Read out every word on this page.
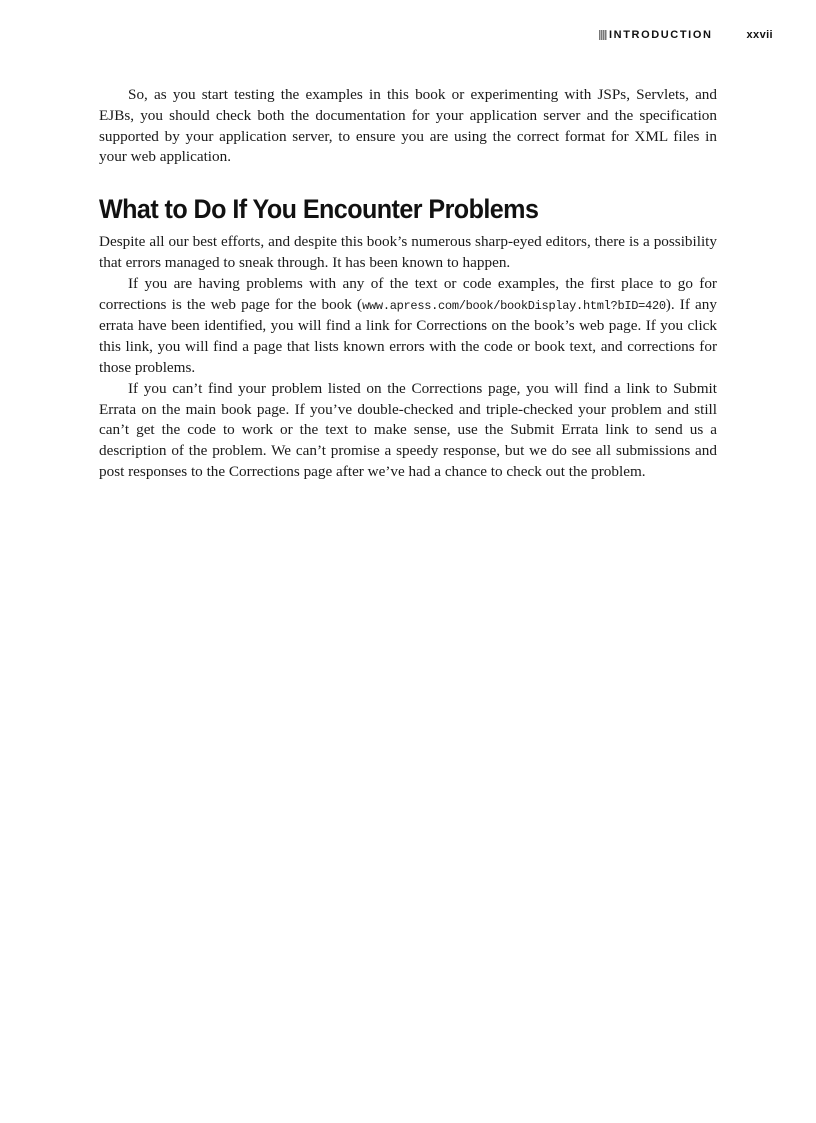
INTRODUCTION	xxvii

So, as you start testing the examples in this book or experimenting with JSPs, Servlets, and EJBs, you should check both the documentation for your application server and the specification supported by your application server, to ensure you are using the correct format for XML files in your web application.

What to Do If You Encounter Problems

Despite all our best efforts, and despite this book’s numerous sharp-eyed editors, there is a possibility that errors managed to sneak through. It has been known to happen.

If you are having problems with any of the text or code examples, the first place to go for corrections is the web page for the book (www.apress.com/book/bookDisplay.html?bID=420). If any errata have been identified, you will find a link for Corrections on the book’s web page. If you click this link, you will find a page that lists known errors with the code or book text, and corrections for those problems.

If you can’t find your problem listed on the Corrections page, you will find a link to Submit Errata on the main book page. If you’ve double-checked and triple-checked your problem and still can’t get the code to work or the text to make sense, use the Submit Errata link to send us a description of the problem. We can’t promise a speedy response, but we do see all submissions and post responses to the Corrections page after we’ve had a chance to check out the problem.
